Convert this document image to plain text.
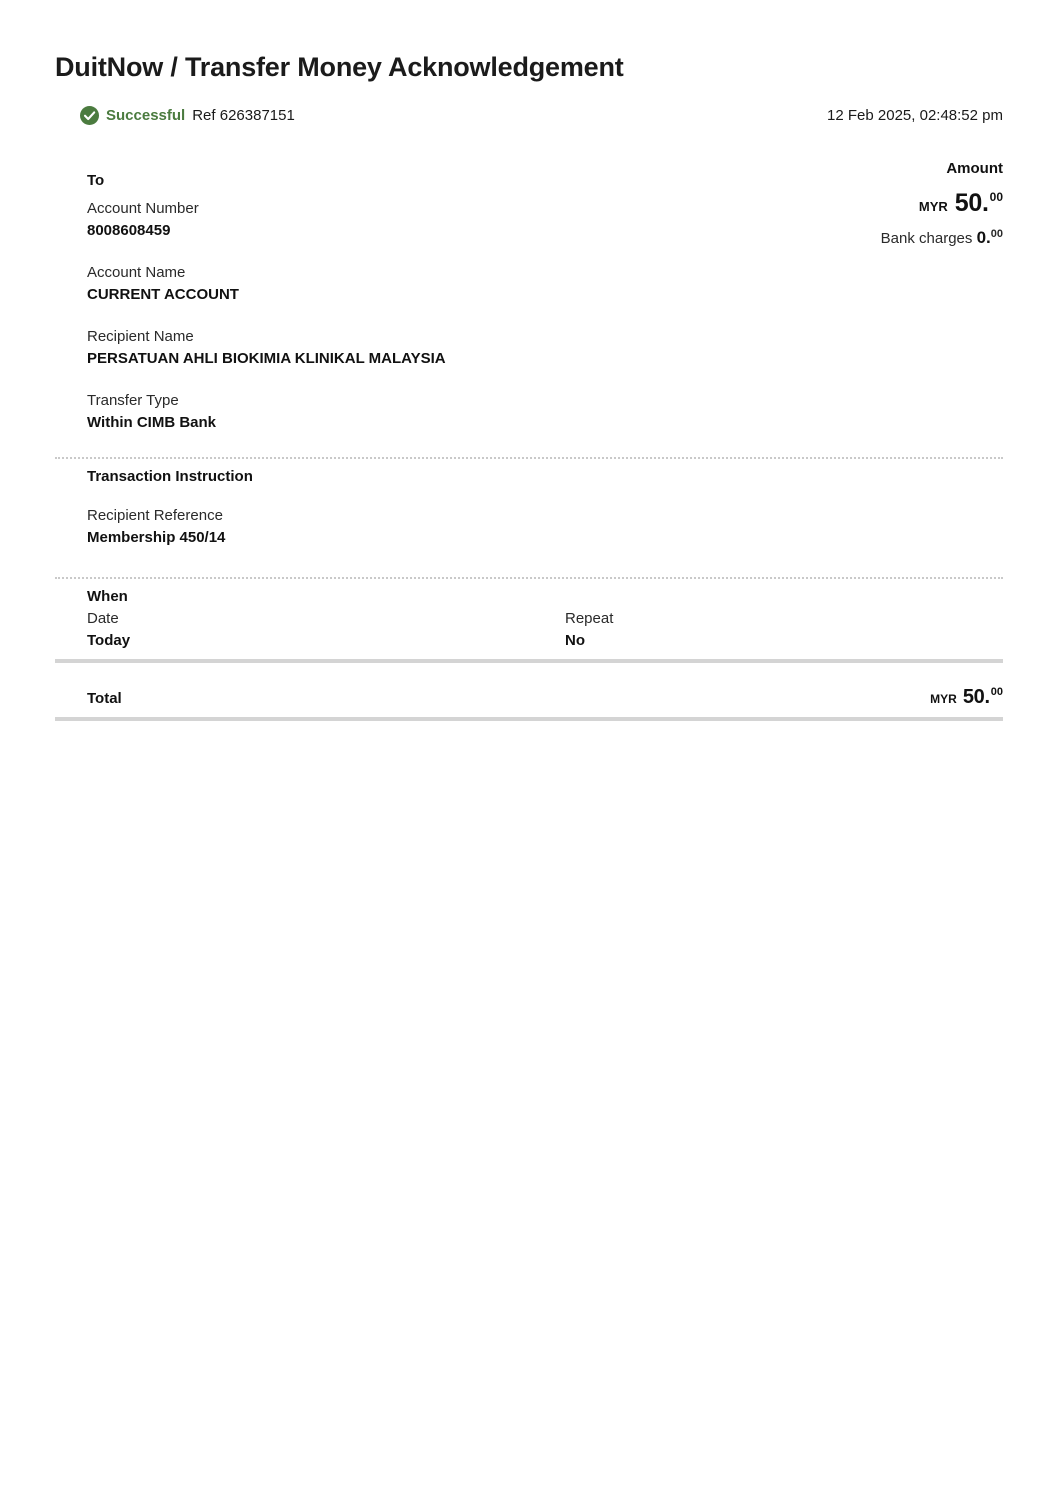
DuitNow / Transfer Money Acknowledgement
Successful Ref 626387151	12 Feb 2025, 02:48:52 pm
To
Account Number
8008608459
Account Name
CURRENT ACCOUNT
Recipient Name
PERSATUAN AHLI BIOKIMIA KLINIKAL MALAYSIA
Transfer Type
Within CIMB Bank
Amount
MYR 50.00
Bank charges 0.00
Transaction Instruction
Recipient Reference
Membership 450/14
When
Date
Today
Repeat
No
Total	MYR 50.00
